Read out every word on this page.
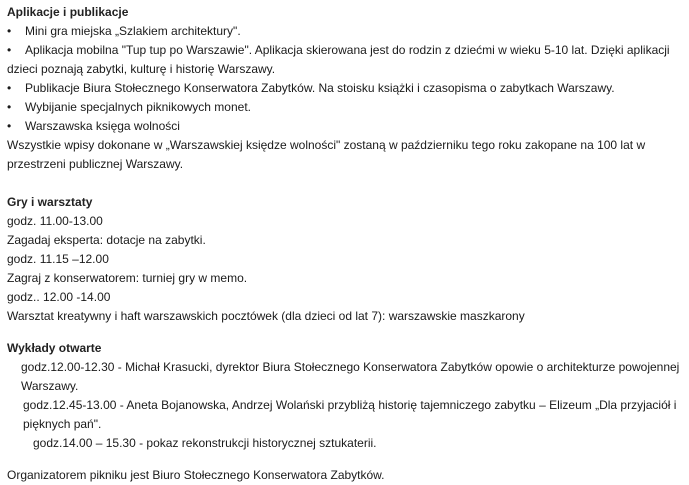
Aplikacje i publikacje
• Mini gra miejska „Szlakiem architektury".
• Aplikacja mobilna "Tup tup po Warszawie". Aplikacja skierowana jest do rodzin z dziećmi w wieku 5-10 lat. Dzięki aplikacji dzieci poznają zabytki, kulturę i historię Warszawy.
• Publikacje Biura Stołecznego Konserwatora Zabytków. Na stoisku książki i czasopisma o zabytkach Warszawy.
• Wybijanie specjalnych piknikowych monet.
• Warszawska księga wolności

Wszystkie wpisy dokonane w „Warszawskiej księdze wolności" zostaną w październiku tego roku zakopane na 100 lat w przestrzeni publicznej Warszawy.

Gry i warsztaty

godz. 11.00-13.00

Zagadaj eksperta: dotacje na zabytki.

godz. 11.15 –12.00

Zagraj z konserwatorem: turniej gry w memo.

godz.. 12.00 -14.00

Warsztat kreatywny i haft warszawskich pocztówek (dla dzieci od lat 7): warszawskie maszkarony

Wykłady otwarte

godz.12.00-12.30 - Michał Krasucki, dyrektor Biura Stołecznego Konserwatora Zabytków opowie o architekturze powojennej Warszawy.

godz.12.45-13.00 - Aneta Bojanowska, Andrzej Wolański przybliżą historię tajemniczego zabytku – Elizeum „Dla przyjaciół i pięknych pań".

godz.14.00 – 15.30 - pokaz rekonstrukcji historycznej sztukaterii.

Organizatorem pikniku jest Biuro Stołecznego Konserwatora Zabytków.
